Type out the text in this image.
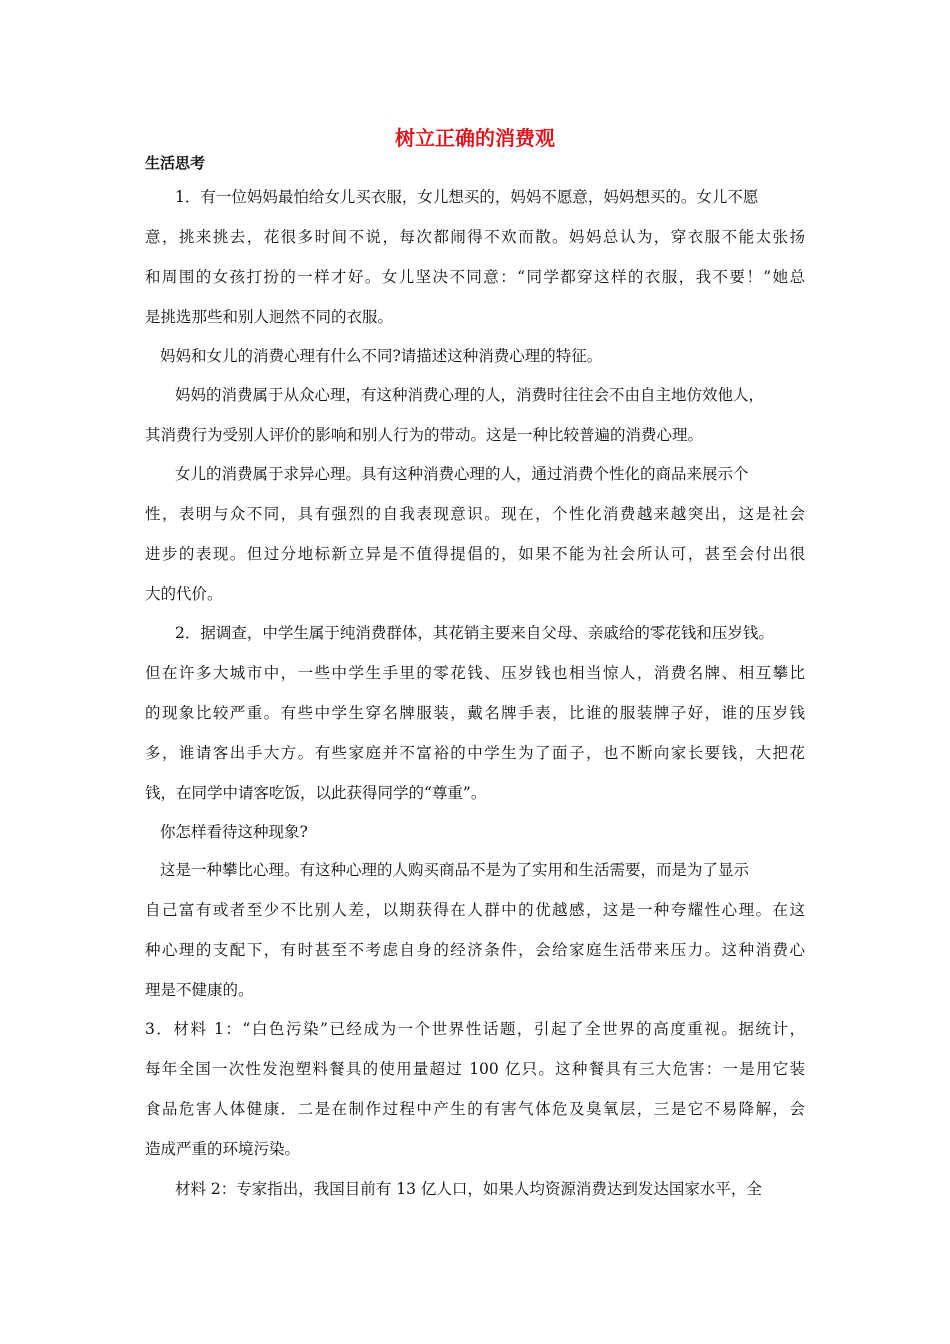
树立正确的消费观
生活思考
1．有一位妈妈最怕给女儿买衣服，女儿想买的，妈妈不愿意，妈妈想买的。女儿不愿
意，挑来挑去，花很多时间不说，每次都闹得不欢而散。妈妈总认为，穿衣服不能太张扬
和周围的女孩打扮的一样才好。女儿坚决不同意：“同学都穿这样的衣服，我不要！”她总
是挑选那些和别人迥然不同的衣服。
妈妈和女儿的消费心理有什么不同?请描述这种消费心理的特征。
妈妈的消费属于从众心理，有这种消费心理的人，消费时往往会不由自主地仿效他人，
其消费行为受别人评价的影响和别人行为的带动。这是一种比较普遍的消费心理。
女儿的消费属于求异心理。具有这种消费心理的人，通过消费个性化的商品来展示个
性，表明与众不同，具有强烈的自我表现意识。现在，个性化消费越来越突出，这是社会
进步的表现。但过分地标新立异是不值得提倡的，如果不能为社会所认可，甚至会付出很
大的代价。
2．据调查，中学生属于纯消费群体，其花销主要来自父母、亲戚给的零花钱和压岁钱。
但在许多大城市中，一些中学生手里的零花钱、压岁钱也相当惊人，消费名牌、相互攀比
的现象比较严重。有些中学生穿名牌服装，戴名牌手表，比谁的服装牌子好，谁的压岁钱
多，谁请客出手大方。有些家庭并不富裕的中学生为了面子，也不断向家长要钱，大把花
钱，在同学中请客吃饭，以此获得同学的“尊重”。
你怎样看待这种现象?
这是一种攀比心理。有这种心理的人购买商品不是为了实用和生活需要，而是为了显示
自己富有或者至少不比别人差，以期获得在人群中的优越感，这是一种夸耀性心理。在这
种心理的支配下，有时甚至不考虑自身的经济条件，会给家庭生活带来压力。这种消费心
理是不健康的。
3．材料 1：“白色污染”已经成为一个世界性话题，引起了全世界的高度重视。据统计，
每年全国一次性发泡塑料餐具的使用量超过 100 亿只。这种餐具有三大危害：一是用它装
食品危害人体健康．二是在制作过程中产生的有害气体危及臭氧层，三是它不易降解，会
造成严重的环境污染。
材料 2：专家指出，我国目前有 13 亿人口，如果人均资源消费达到发达国家水平，全
